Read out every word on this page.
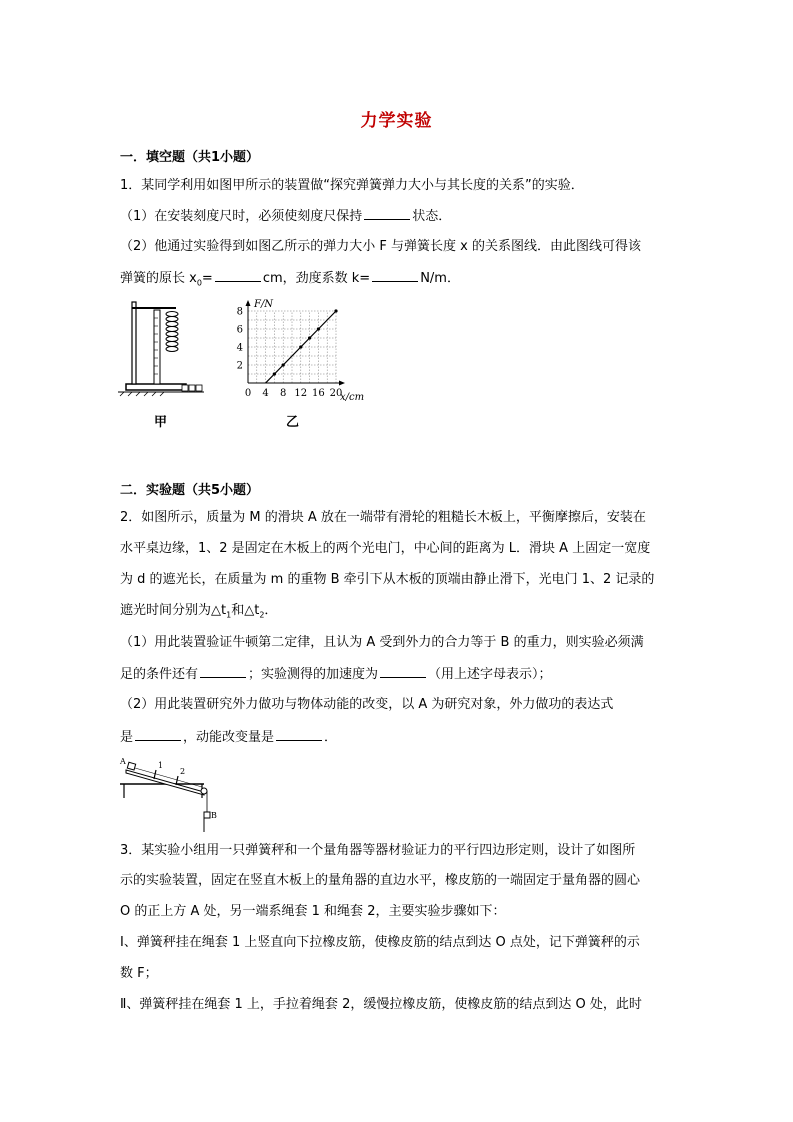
力学实验
一．填空题（共1小题）
1．某同学利用如图甲所示的装置做“探究弹簧弹力大小与其长度的关系”的实验．
（1）在安装刻度尺时，必须使刻度尺保持	状态．
（2）他通过实验得到如图乙所示的弹力大小 F 与弹簧长度 x 的关系图线．由此图线可得该
弹簧的原长 $x_0=$	cm，劲度系数 k=	N/m．
甲
0 4 8 12 16 20
2
4
6
8
F/N
x/cm
乙
二．实验题（共5小题）
2．如图所示，质量为 M 的滑块 A 放在一端带有滑轮的粗糙长木板上，平衡摩擦后，安装在
水平桌边缘，1、2 是固定在木板上的两个光电门，中心间的距离为 L．滑块 A 上固定一宽度
为 d 的遮光长，在质量为 m 的重物 B 牵引下从木板的顶端由静止滑下，光电门 1、2 记录的
遮光时间分别为$\triangle t_1$和$\triangle t_2$．
（1）用此装置验证牛顿第二定律，且认为 A 受到外力的合力等于 B 的重力，则实验必须满
足的条件还有	；实验测得的加速度为	（用上述字母表示）；
（2）用此装置研究外力做功与物体动能的改变，以 A 为研究对象，外力做功的表达式
是	，动能改变量是	．
A	1
2
B
3．某实验小组用一只弹簧秤和一个量角器等器材验证力的平行四边形定则，设计了如图所
示的实验装置，固定在竖直木板上的量角器的直边水平，橡皮筋的一端固定于量角器的圆心
O 的正上方 A 处，另一端系绳套 1 和绳套 2，主要实验步骤如下：
Ⅰ、弹簧秤挂在绳套 1 上竖直向下拉橡皮筋，使橡皮筋的结点到达 O 点处，记下弹簧秤的示
数 F；
Ⅱ、弹簧秤挂在绳套 1 上，手拉着绳套 2，缓慢拉橡皮筋，使橡皮筋的结点到达 O 处，此时
